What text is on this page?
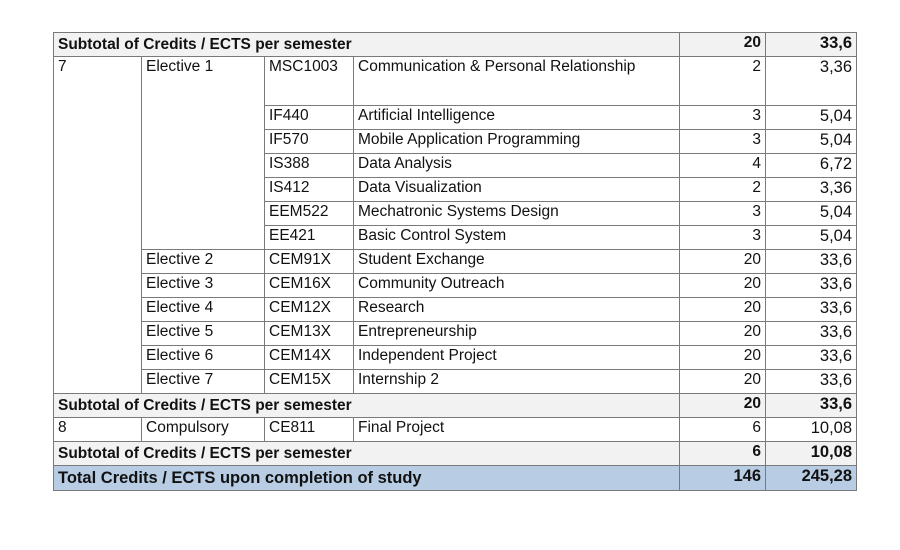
Subtotal of Credits / ECTS per semester				20	33,6
7	Elective 1	MSC1003	Communication & Personal Relationship	2	3,36
		IF440	Artificial Intelligence	3	5,04
		IF570	Mobile Application Programming	3	5,04
		IS388	Data Analysis	4	6,72
		IS412	Data Visualization	2	3,36
		EEM522	Mechatronic Systems Design	3	5,04
		EE421	Basic Control System	3	5,04
	Elective 2	CEM91X	Student Exchange	20	33,6
	Elective 3	CEM16X	Community Outreach	20	33,6
	Elective 4	CEM12X	Research	20	33,6
	Elective 5	CEM13X	Entrepreneurship	20	33,6
	Elective 6	CEM14X	Independent Project	20	33,6
	Elective 7	CEM15X	Internship 2	20	33,6
Subtotal of Credits / ECTS per semester				20	33,6
8	Compulsory	CE811	Final Project	6	10,08
Subtotal of Credits / ECTS per semester				6	10,08
Total Credits / ECTS upon completion of study				146	245,28
